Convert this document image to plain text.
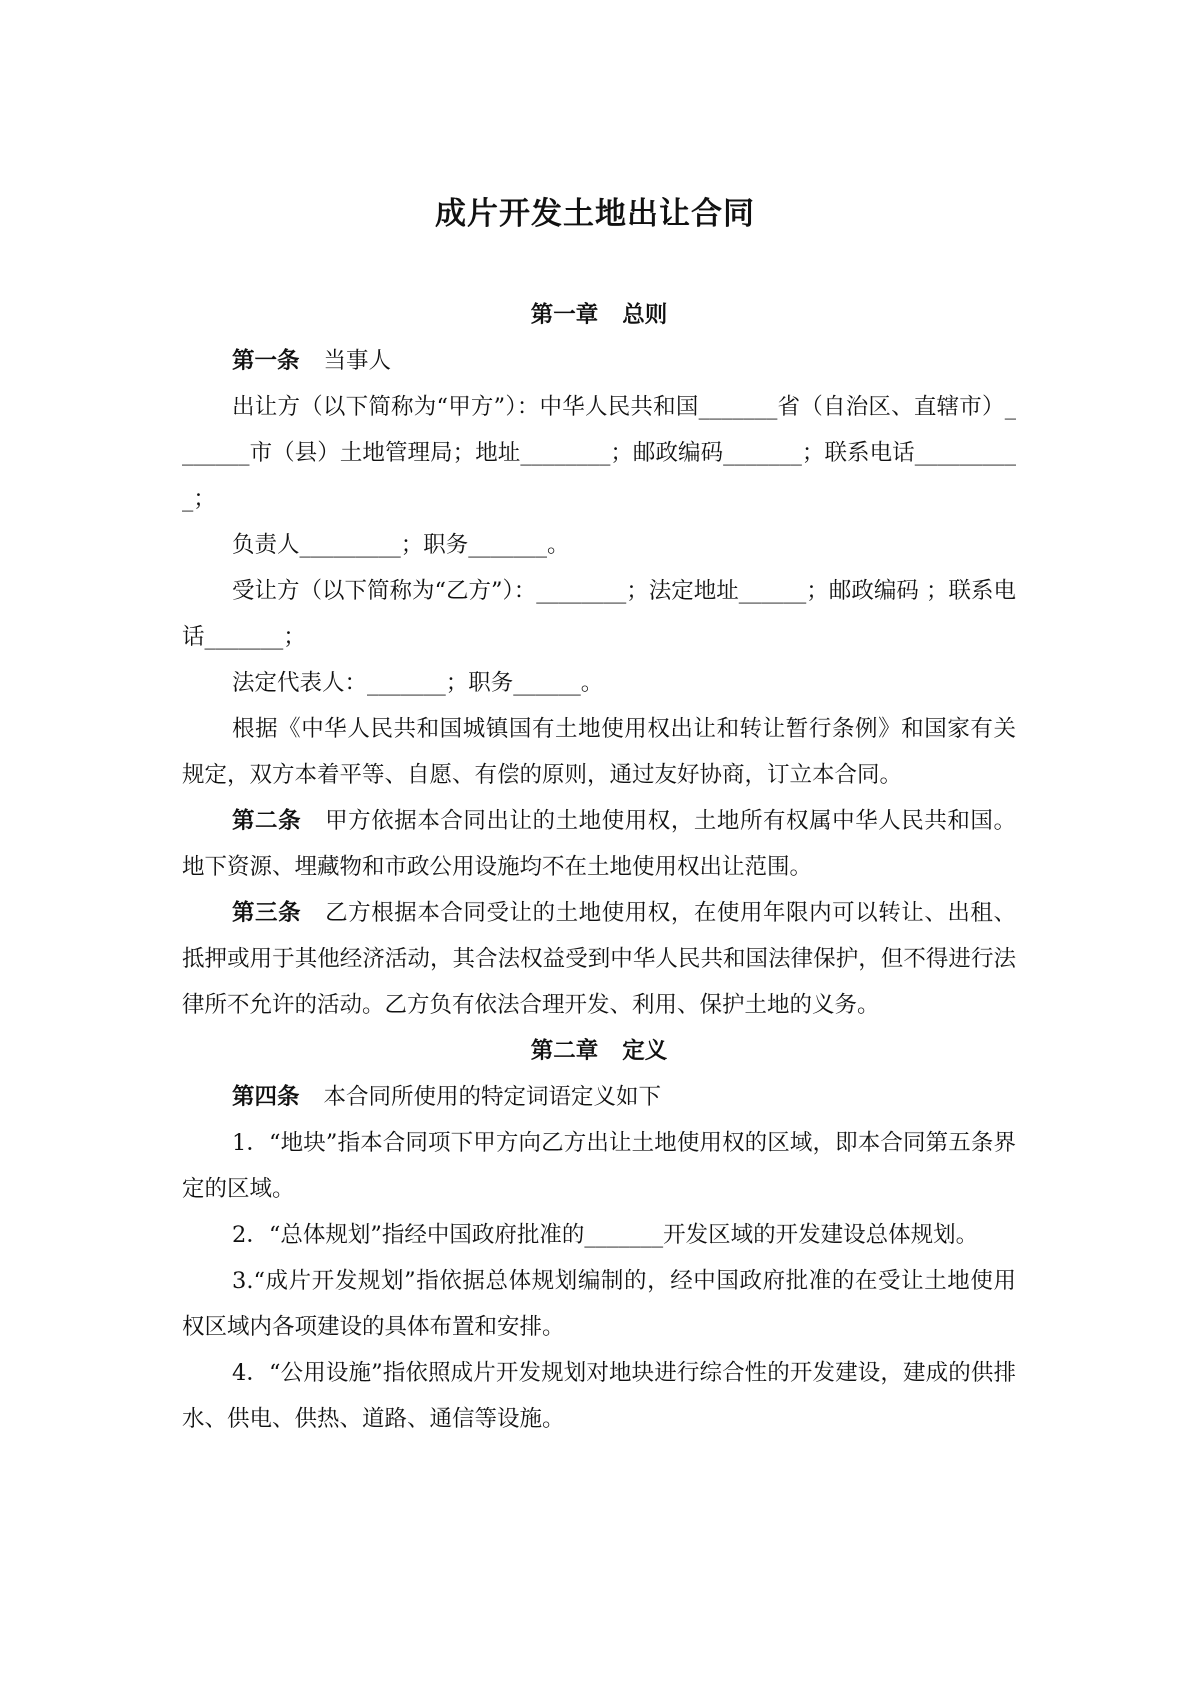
成片开发土地出让合同

第一章 总则

第一条 当事人

出让方（以下简称为“甲方”）：中华人民共和国_______省（自治区、直辖市）_______市（县）土地管理局；地址________；邮政编码_______；联系电话__________；

负责人_________；职务_______。

受让方（以下简称为“乙方”）：________；法定地址______；邮政编码 ；联系电话_______；

法定代表人：_______；职务______。

根据《中华人民共和国城镇国有土地使用权出让和转让暂行条例》和国家有关规定，双方本着平等、自愿、有偿的原则，通过友好协商，订立本合同。

第二条 甲方依据本合同出让的土地使用权，土地所有权属中华人民共和国。地下资源、埋藏物和市政公用设施均不在土地使用权出让范围。

第三条 乙方根据本合同受让的土地使用权，在使用年限内可以转让、出租、抵押或用于其他经济活动，其合法权益受到中华人民共和国法律保护，但不得进行法律所不允许的活动。乙方负有依法合理开发、利用、保护土地的义务。

第二章 定义

第四条 本合同所使用的特定词语定义如下

1．“地块”指本合同项下甲方向乙方出让土地使用权的区域，即本合同第五条界定的区域。

2．“总体规划”指经中国政府批准的_______开发区域的开发建设总体规划。

3.“成片开发规划”指依据总体规划编制的，经中国政府批准的在受让土地使用权区域内各项建设的具体布置和安排。

4．“公用设施”指依照成片开发规划对地块进行综合性的开发建设，建成的供排水、供电、供热、道路、通信等设施。
